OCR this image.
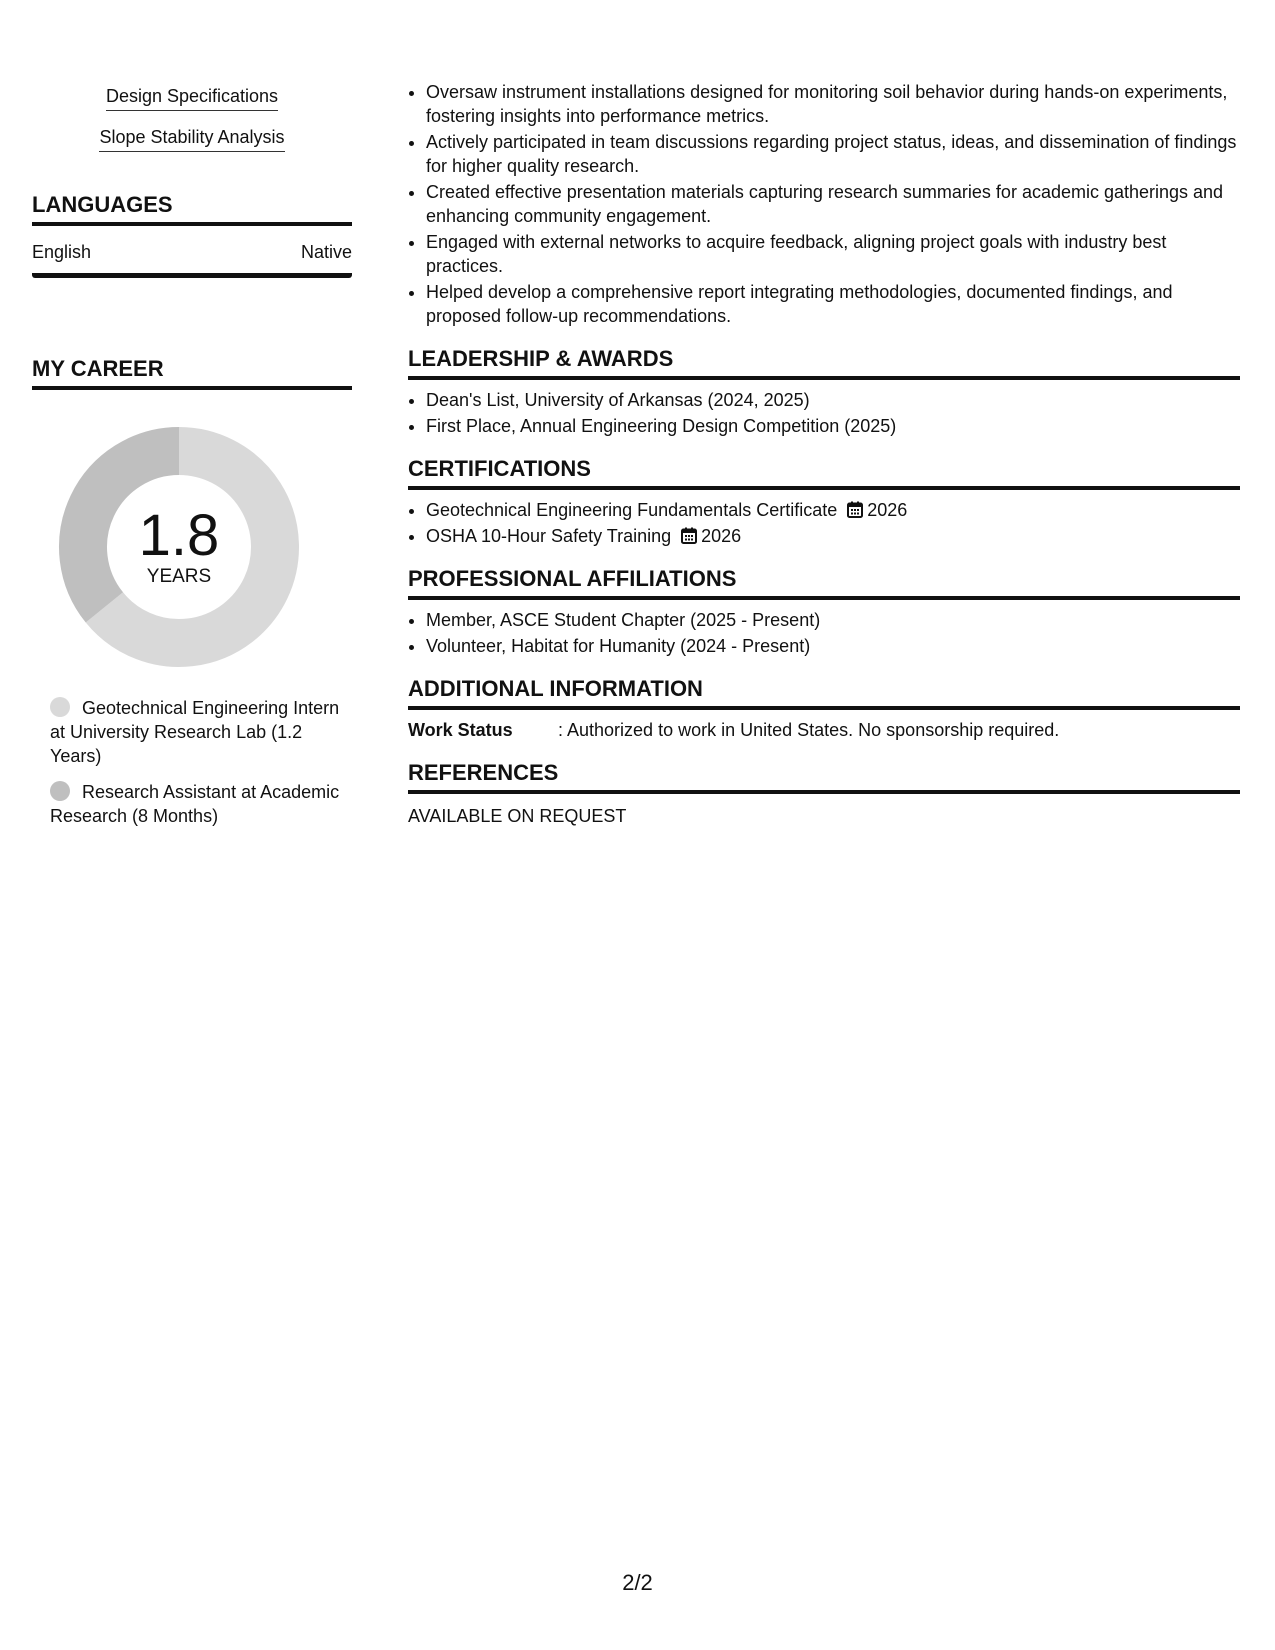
Design Specifications
Slope Stability Analysis
LANGUAGES
English	Native
MY CAREER
1.8
YEARS
Geotechnical Engineering Intern at University Research Lab (1.2 Years)
Research Assistant at Academic Research (8 Months)
• Oversaw instrument installations designed for monitoring soil behavior during hands-on experiments, fostering insights into performance metrics.
• Actively participated in team discussions regarding project status, ideas, and dissemination of findings for higher quality research.
• Created effective presentation materials capturing research summaries for academic gatherings and enhancing community engagement.
• Engaged with external networks to acquire feedback, aligning project goals with industry best practices.
• Helped develop a comprehensive report integrating methodologies, documented findings, and proposed follow-up recommendations.
LEADERSHIP & AWARDS
• Dean's List, University of Arkansas (2024, 2025)
• First Place, Annual Engineering Design Competition (2025)
CERTIFICATIONS
• Geotechnical Engineering Fundamentals Certificate 2026
• OSHA 10-Hour Safety Training 2026
PROFESSIONAL AFFILIATIONS
• Member, ASCE Student Chapter (2025 - Present)
• Volunteer, Habitat for Humanity (2024 - Present)
ADDITIONAL INFORMATION
Work Status	: Authorized to work in United States. No sponsorship required.
REFERENCES
AVAILABLE ON REQUEST
2/2
